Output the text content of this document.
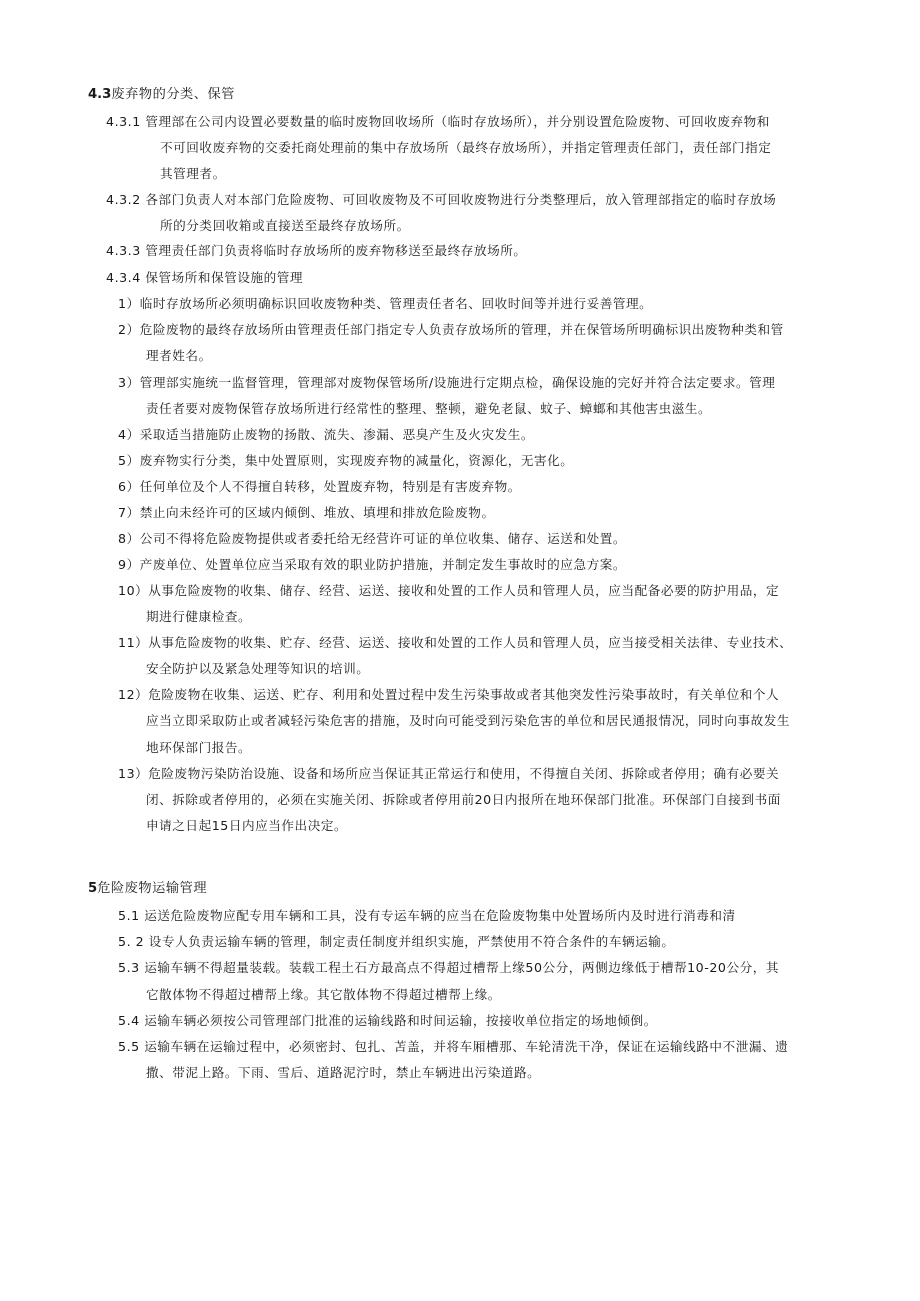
4.3废弃物的分类、保管
4.3.1 管理部在公司内设置必要数量的临时废物回收场所（临时存放场所），并分别设置危险废物、可回收废弃物和
不可回收废弃物的交委托商处理前的集中存放场所（最终存放场所），并指定管理责任部门，责任部门指定
其管理者。
4.3.2 各部门负责人对本部门危险废物、可回收废物及不可回收废物进行分类整理后，放入管理部指定的临时存放场
所的分类回收箱或直接送至最终存放场所。
4.3.3 管理责任部门负责将临时存放场所的废弃物移送至最终存放场所。
4.3.4 保管场所和保管设施的管理
1）临时存放场所必须明确标识回收废物种类、管理责任者名、回收时间等并进行妥善管理。
2）危险废物的最终存放场所由管理责任部门指定专人负责存放场所的管理，并在保管场所明确标识出废物种类和管
理者姓名。
3）管理部实施统一监督管理，管理部对废物保管场所/设施进行定期点检，确保设施的完好并符合法定要求。管理
责任者要对废物保管存放场所进行经常性的整理、整顿，避免老鼠、蚊子、蟑螂和其他害虫滋生。
4）采取适当措施防止废物的扬散、流失、渗漏、恶臭产生及火灾发生。
5）废弃物实行分类，集中处置原则，实现废弃物的减量化，资源化，无害化。
6）任何单位及个人不得擅自转移，处置废弃物，特别是有害废弃物。
7）禁止向未经许可的区域内倾倒、堆放、填埋和排放危险废物。
8）公司不得将危险废物提供或者委托给无经营许可证的单位收集、储存、运送和处置。
9）产废单位、处置单位应当采取有效的职业防护措施，并制定发生事故时的应急方案。
10）从事危险废物的收集、储存、经营、运送、接收和处置的工作人员和管理人员，应当配备必要的防护用品，定
期进行健康检查。
11）从事危险废物的收集、贮存、经营、运送、接收和处置的工作人员和管理人员，应当接受相关法律、专业技术、
安全防护以及紧急处理等知识的培训。
12）危险废物在收集、运送、贮存、利用和处置过程中发生污染事故或者其他突发性污染事故时，有关单位和个人
应当立即采取防止或者减轻污染危害的措施，及时向可能受到污染危害的单位和居民通报情况，同时向事故发生
地环保部门报告。
13）危险废物污染防治设施、设备和场所应当保证其正常运行和使用，不得擅自关闭、拆除或者停用；确有必要关
闭、拆除或者停用的，必须在实施关闭、拆除或者停用前20日内报所在地环保部门批准。环保部门自接到书面
申请之日起15日内应当作出决定。
5危险废物运输管理
5.1 运送危险废物应配专用车辆和工具，没有专运车辆的应当在危险废物集中处置场所内及时进行消毒和清
5. 2 设专人负责运输车辆的管理，制定责任制度并组织实施，严禁使用不符合条件的车辆运输。
5.3 运输车辆不得超量装载。装载工程土石方最高点不得超过槽帮上缘50公分，两侧边缘低于槽帮10-20公分，其
它散体物不得超过槽帮上缘。其它散体物不得超过槽帮上缘。
5.4 运输车辆必须按公司管理部门批准的运输线路和时间运输，按接收单位指定的场地倾倒。
5.5 运输车辆在运输过程中，必须密封、包扎、苫盖，并将车厢槽那、车轮清洗干净，保证在运输线路中不泄漏、遗
撒、带泥上路。下雨、雪后、道路泥泞时，禁止车辆进出污染道路。
